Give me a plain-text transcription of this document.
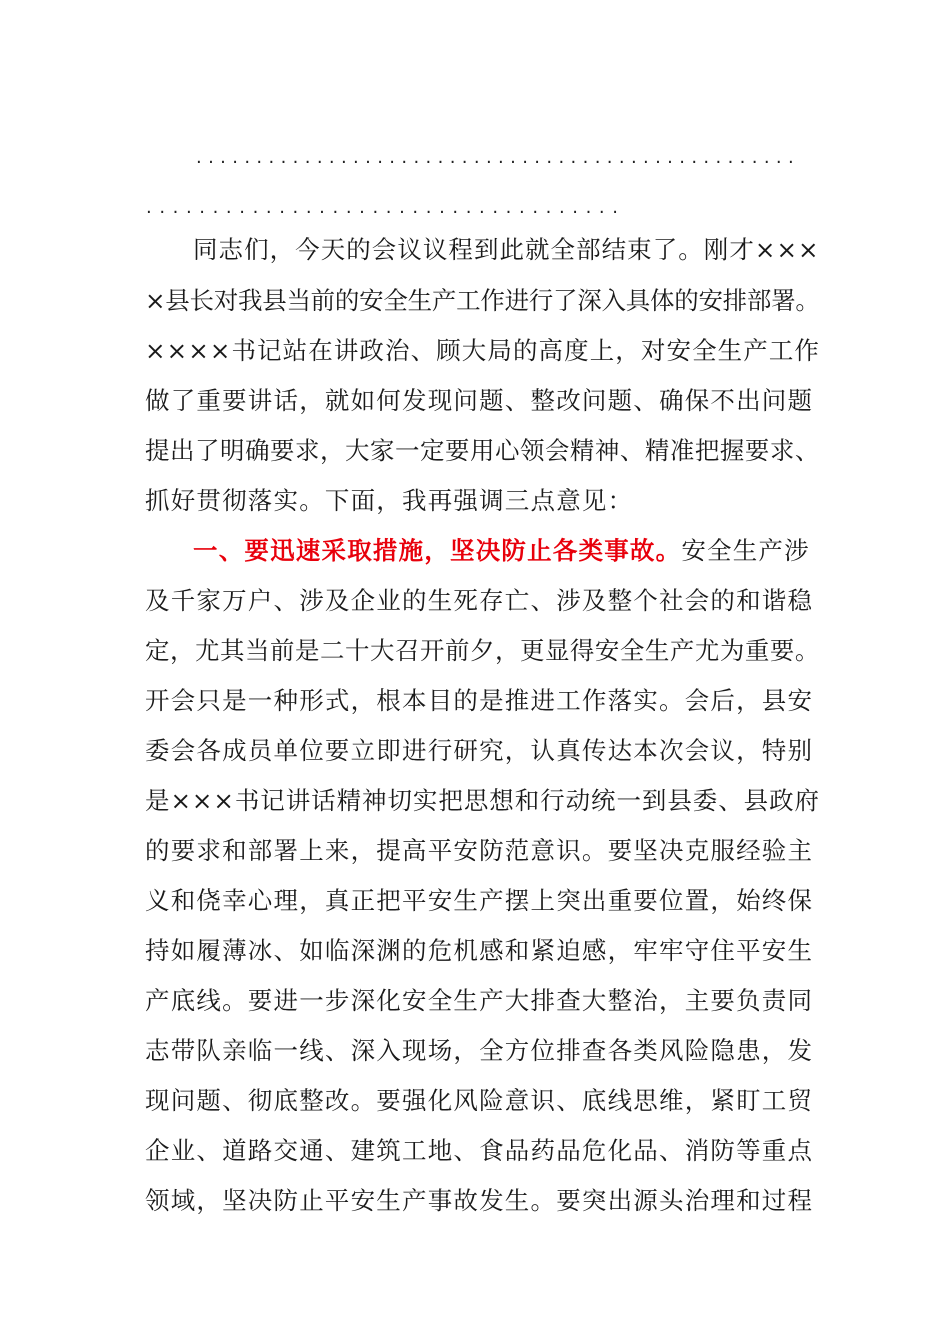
..................................................
....................................
同志们，今天的会议议程到此就全部结束了。刚才×××
×县长对我县当前的安全生产工作进行了深入具体的安排部署。
××××书记站在讲政治、顾大局的高度上，对安全生产工作
做了重要讲话，就如何发现问题、整改问题、确保不出问题
提出了明确要求，大家一定要用心领会精神、精准把握要求、
抓好贯彻落实。下面，我再强调三点意见：
一、要迅速采取措施，坚决防止各类事故。安全生产涉
及千家万户、涉及企业的生死存亡、涉及整个社会的和谐稳
定，尤其当前是二十大召开前夕，更显得安全生产尤为重要。
开会只是一种形式，根本目的是推进工作落实。会后，县安
委会各成员单位要立即进行研究，认真传达本次会议，特别
是×××书记讲话精神切实把思想和行动统一到县委、县政府
的要求和部署上来，提高平安防范意识。要坚决克服经验主
义和侥幸心理，真正把平安生产摆上突出重要位置，始终保
持如履薄冰、如临深渊的危机感和紧迫感，牢牢守住平安生
产底线。要进一步深化安全生产大排查大整治，主要负责同
志带队亲临一线、深入现场，全方位排查各类风险隐患，发
现问题、彻底整改。要强化风险意识、底线思维，紧盯工贸
企业、道路交通、建筑工地、食品药品危化品、消防等重点
领域，坚决防止平安生产事故发生。要突出源头治理和过程
